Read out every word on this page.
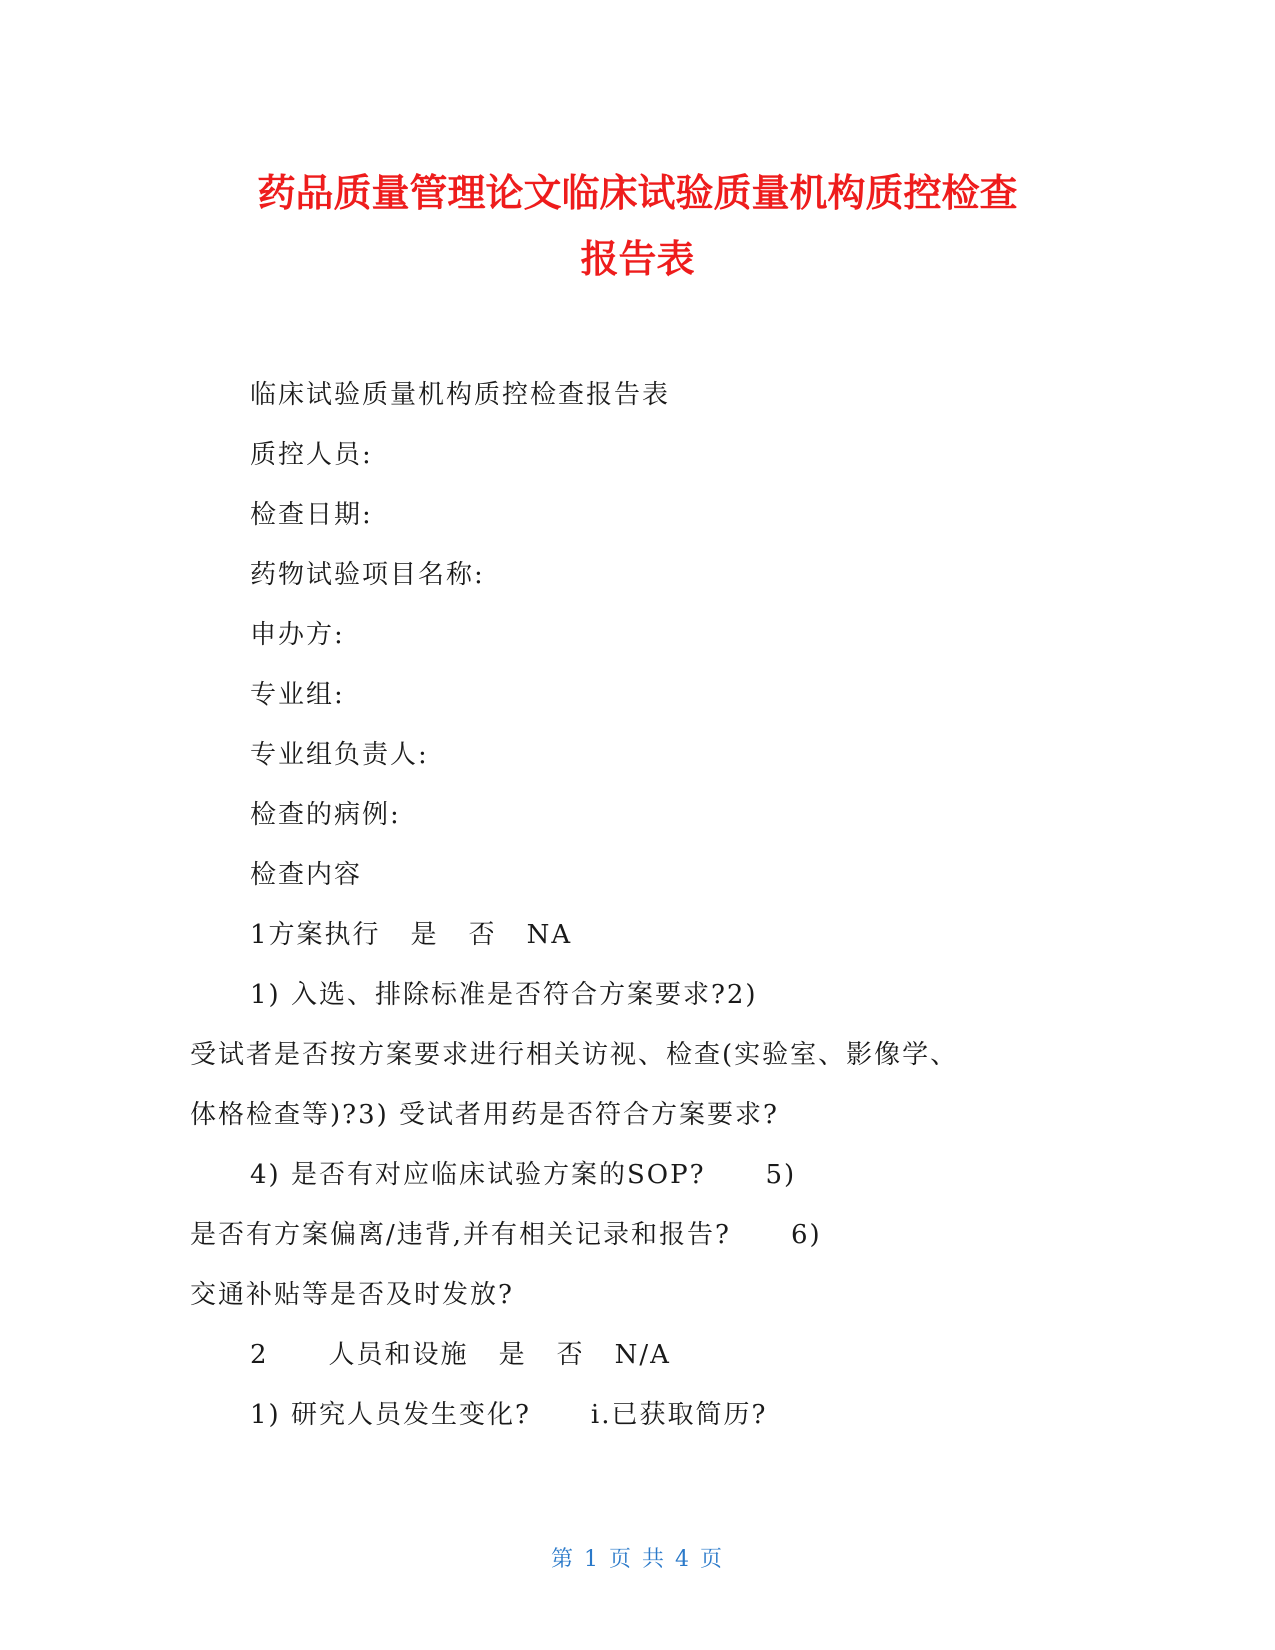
药品质量管理论文临床试验质量机构质控检查
报告表
临床试验质量机构质控检查报告表
质控人员:
检查日期:
药物试验项目名称:
申办方:
专业组:
专业组负责人:
检查的病例:
检查内容
1方案执行 是 否 NA
1) 入选、排除标准是否符合方案要求?2)
受试者是否按方案要求进行相关访视、检查(实验室、影像学、
体格检查等)?3) 受试者用药是否符合方案要求?
4) 是否有对应临床试验方案的SOP? 5)
是否有方案偏离/违背,并有相关记录和报告? 6)
交通补贴等是否及时发放?
2 人员和设施 是 否 N/A
1) 研究人员发生变化? i.已获取简历?
第 1 页 共 4 页
